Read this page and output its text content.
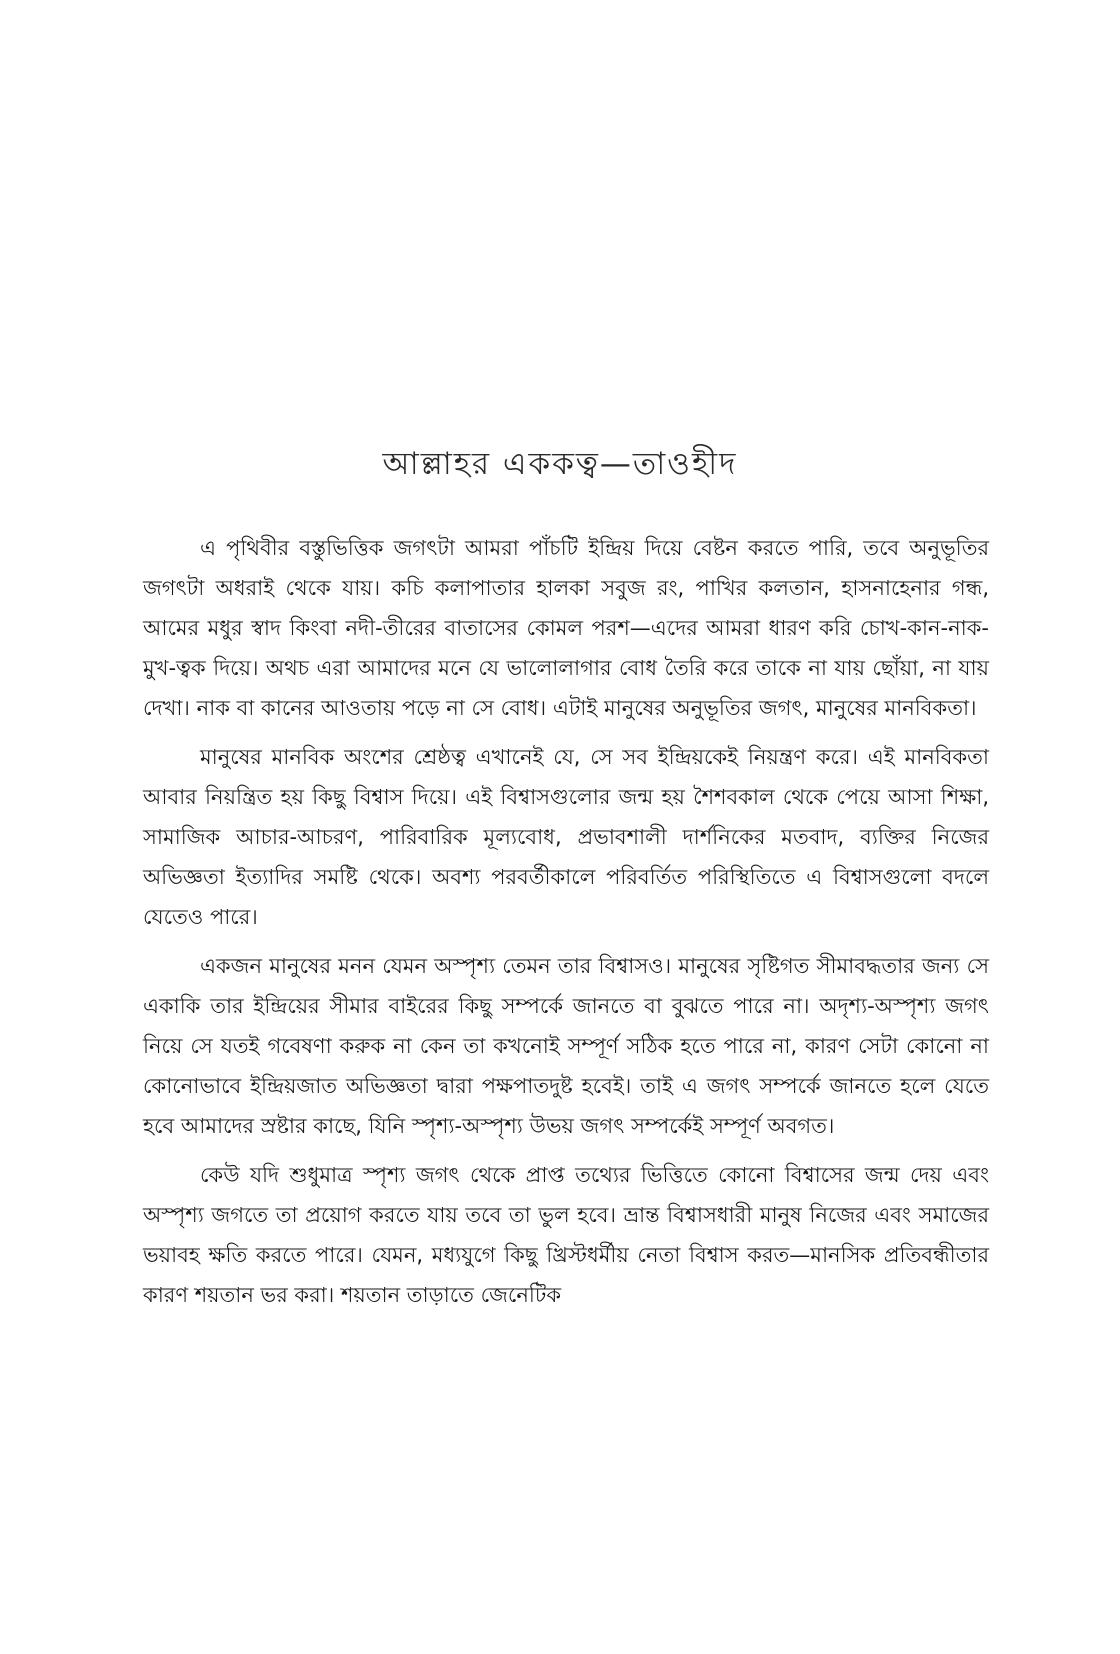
আল্লাহর এককত্ব—তাওহীদ

এ পৃথিবীর বস্তুভিত্তিক জগৎটা আমরা পাঁচটি ইন্দ্রিয় দিয়ে বেষ্টন করতে পারি, তবে অনুভূতির জগৎটা অধরাই থেকে যায়। কচি কলাপাতার হালকা সবুজ রং, পাখির কলতান, হাসনাহেনার গন্ধ, আমের মধুর স্বাদ কিংবা নদী-তীরের বাতাসের কোমল পরশ—এদের আমরা ধারণ করি চোখ-কান-নাক-মুখ-ত্বক দিয়ে। অথচ এরা আমাদের মনে যে ভালোলাগার বোধ তৈরি করে তাকে না যায় ছোঁয়া, না যায় দেখা। নাক বা কানের আওতায় পড়ে না সে বোধ। এটাই মানুষের অনুভূতির জগৎ, মানুষের মানবিকতা।

মানুষের মানবিক অংশের শ্রেষ্ঠত্ব এখানেই যে, সে সব ইন্দ্রিয়কেই নিয়ন্ত্রণ করে। এই মানবিকতা আবার নিয়ন্ত্রিত হয় কিছু বিশ্বাস দিয়ে। এই বিশ্বাসগুলোর জন্ম হয় শৈশবকাল থেকে পেয়ে আসা শিক্ষা, সামাজিক আচার-আচরণ, পারিবারিক মূল্যবোধ, প্রভাবশালী দার্শনিকের মতবাদ, ব্যক্তির নিজের অভিজ্ঞতা ইত্যাদির সমষ্টি থেকে। অবশ্য পরবর্তীকালে পরিবর্তিত পরিস্থিতিতে এ বিশ্বাসগুলো বদলে যেতেও পারে।

একজন মানুষের মনন যেমন অস্পৃশ্য তেমন তার বিশ্বাসও। মানুষের সৃষ্টিগত সীমাবদ্ধতার জন্য সে একাকি তার ইন্দ্রিয়ের সীমার বাইরের কিছু সম্পর্কে জানতে বা বুঝতে পারে না। অদৃশ্য-অস্পৃশ্য জগৎ নিয়ে সে যতই গবেষণা করুক না কেন তা কখনোই সম্পূর্ণ সঠিক হতে পারে না, কারণ সেটা কোনো না কোনোভাবে ইন্দ্রিয়জাত অভিজ্ঞতা দ্বারা পক্ষপাতদুষ্ট হবেই। তাই এ জগৎ সম্পর্কে জানতে হলে যেতে হবে আমাদের স্রষ্টার কাছে, যিনি স্পৃশ্য-অস্পৃশ্য উভয় জগৎ সম্পর্কেই সম্পূর্ণ অবগত।

কেউ যদি শুধুমাত্র স্পৃশ্য জগৎ থেকে প্রাপ্ত তথ্যের ভিত্তিতে কোনো বিশ্বাসের জন্ম দেয় এবং অস্পৃশ্য জগতে তা প্রয়োগ করতে যায় তবে তা ভুল হবে। ভ্রান্ত বিশ্বাসধারী মানুষ নিজের এবং সমাজের ভয়াবহ ক্ষতি করতে পারে। যেমন, মধ্যযুগে কিছু খ্রিস্টধর্মীয় নেতা বিশ্বাস করত—মানসিক প্রতিবন্ধীতার কারণ শয়তান ভর করা। শয়তান তাড়াতে জেনেটিক
